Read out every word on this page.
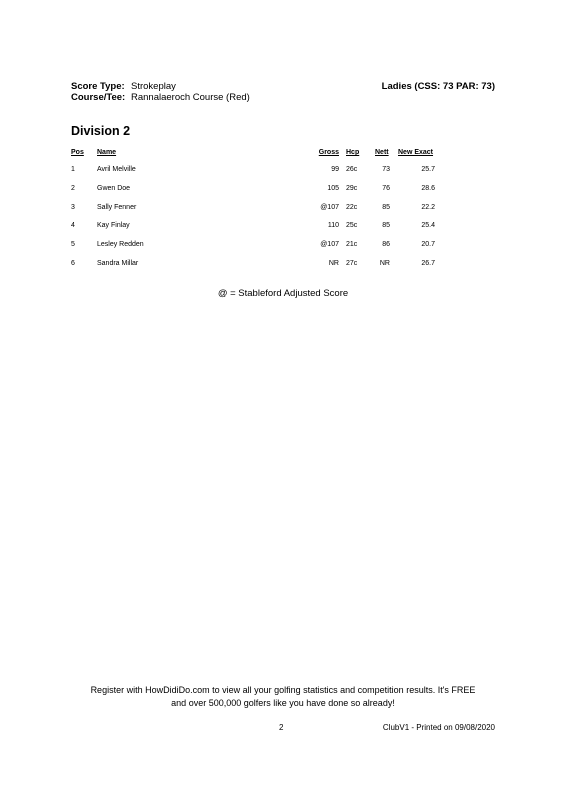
Score Type: Strokeplay
Course/Tee: Rannalaeroch Course (Red)
Ladies (CSS: 73 PAR: 73)
Division 2
Pos Name	Gross Hcp Nett New Exact
1	Avril Melville	99 26c	73	25.7
2	Gwen Doe	105 29c	76	28.6
3	Sally Fenner	@107 22c	85	22.2
4	Kay Finlay	110 25c	85	25.4
5	Lesley Redden	@107 21c	86	20.7
6	Sandra Millar	NR 27c	NR	26.7
@ = Stableford Adjusted Score
Register with HowDidiDo.com to view all your golfing statistics and competition results. It's FREE
and over 500,000 golfers like you have done so already!
2	ClubV1 - Printed on 09/08/2020
